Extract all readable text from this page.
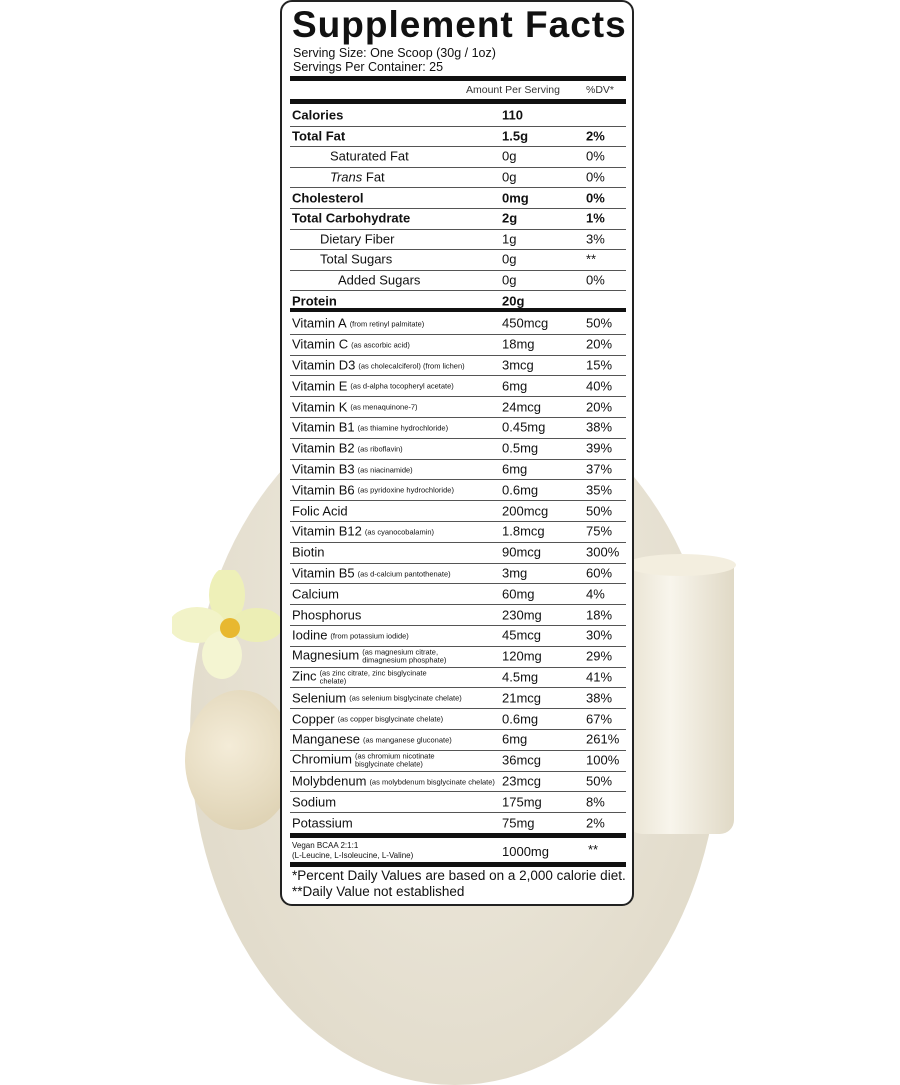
Supplement Facts
Serving Size: One Scoop (30g / 1oz)
Servings Per Container: 25
Amount Per Serving %DV*
Calories	110
Total Fat	1.5g	2%
Saturated Fat	0g	0%
Trans Fat	0g	0%
Cholesterol	0mg	0%
Total Carbohydrate	2g	1%
Dietary Fiber	1g	3%
Total Sugars	0g	**
Added Sugars	0g	0%
Protein	20g
Vitamin A (from retinyl palmitate)	450mcg	50%
Vitamin C (as ascorbic acid)	18mg	20%
Vitamin D3 (as cholecalciferol) (from lichen)	3mcg	15%
Vitamin E (as d-alpha tocopheryl acetate)	6mg	40%
Vitamin K (as menaquinone-7)	24mcg	20%
Vitamin B1 (as thiamine hydrochloride)	0.45mg	38%
Vitamin B2 (as riboflavin)	0.5mg	39%
Vitamin B3 (as niacinamide)	6mg	37%
Vitamin B6 (as pyridoxine hydrochloride)	0.6mg	35%
Folic Acid	200mcg	50%
Vitamin B12 (as cyanocobalamin)	1.8mcg	75%
Biotin	90mcg	300%
Vitamin B5 (as d-calcium pantothenate)	3mg	60%
Calcium	60mg	4%
Phosphorus	230mg	18%
Iodine (from potassium iodide)	45mcg	30%
Magnesium (as magnesium citrate, dimagnesium phosphate)	120mg	29%
Zinc (as zinc citrate, zinc bisglycinate chelate)	4.5mg	41%
Selenium (as selenium bisglycinate chelate)	21mcg	38%
Copper (as copper bisglycinate chelate)	0.6mg	67%
Manganese (as manganese gluconate)	6mg	261%
Chromium (as chromium nicotinate bisglycinate chelate)	36mcg	100%
Molybdenum (as molybdenum bisglycinate chelate) 23mcg	50%
Sodium	175mg	8%
Potassium	75mg	2%
Vegan BCAA 2:1:1
(L-Leucine, L-Isoleucine, L-Valine)	1000mg	**
*Percent Daily Values are based on a 2,000 calorie diet.
**Daily Value not established
